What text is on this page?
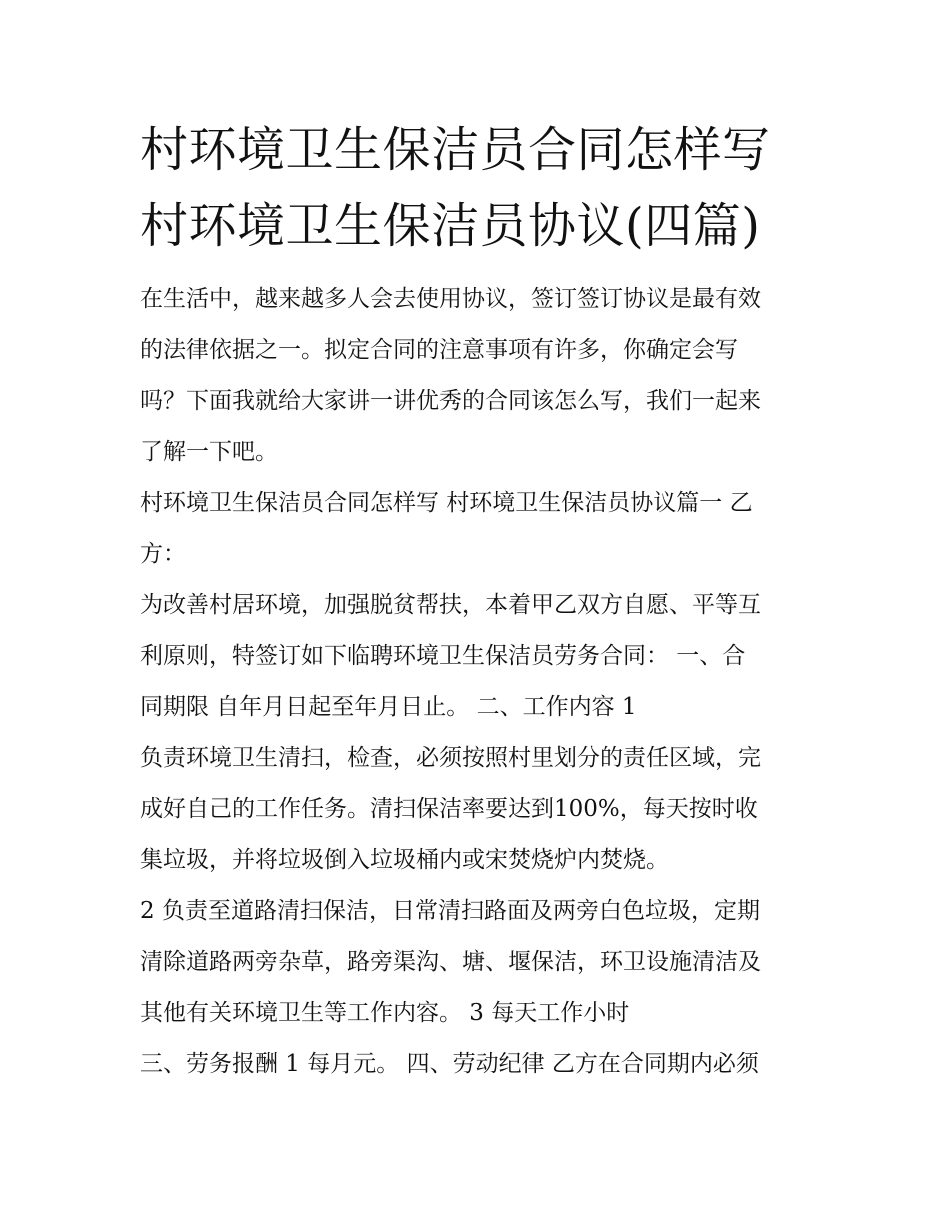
村环境卫生保洁员合同怎样写
村环境卫生保洁员协议(四篇)

在生活中，越来越多人会去使用协议，签订签订协议是最有效
的法律依据之一。拟定合同的注意事项有许多，你确定会写
吗？下面我就给大家讲一讲优秀的合同该怎么写，我们一起来
了解一下吧。

村环境卫生保洁员合同怎样写 村环境卫生保洁员协议篇一 乙
方：

为改善村居环境，加强脱贫帮扶，本着甲乙双方自愿、平等互
利原则，特签订如下临聘环境卫生保洁员劳务合同： 一、合
同期限 自年月日起至年月日止。 二、工作内容 1

负责环境卫生清扫，检查，必须按照村里划分的责任区域，完
成好自己的工作任务。清扫保洁率要达到100%，每天按时收
集垃圾，并将垃圾倒入垃圾桶内或宋焚烧炉内焚烧。

2 负责至道路清扫保洁，日常清扫路面及两旁白色垃圾，定期
清除道路两旁杂草，路旁渠沟、塘、堰保洁，环卫设施清洁及
其他有关环境卫生等工作内容。 3 每天工作小时

三、劳务报酬 1 每月元。 四、劳动纪律 乙方在合同期内必须
